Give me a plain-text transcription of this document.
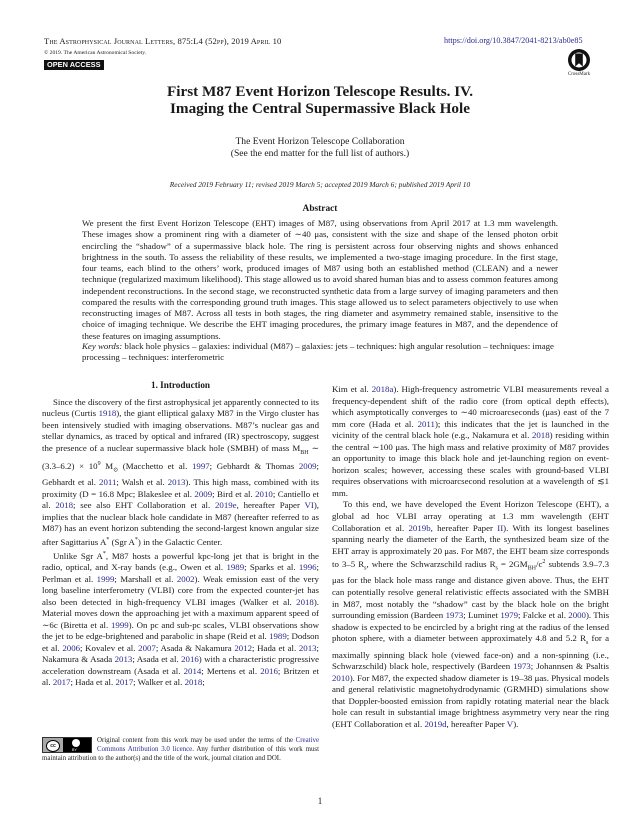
The Astrophysical Journal Letters, 875:L4 (52pp), 2019 April 10
© 2019. The American Astronomical Society.
OPEN ACCESS
https://doi.org/10.3847/2041-8213/ab0e85
CrossMark
First M87 Event Horizon Telescope Results. IV.
Imaging the Central Supermassive Black Hole
The Event Horizon Telescope Collaboration
(See the end matter for the full list of authors.)
Received 2019 February 11; revised 2019 March 5; accepted 2019 March 6; published 2019 April 10
Abstract

We present the first Event Horizon Telescope (EHT) images of M87, using observations from April 2017 at 1.3 mm wavelength. These images show a prominent ring with a diameter of ∼40 μas, consistent with the size and shape of the lensed photon orbit encircling the “shadow” of a supermassive black hole. The ring is persistent across four observing nights and shows enhanced brightness in the south. To assess the reliability of these results, we implemented a two-stage imaging procedure. In the first stage, four teams, each blind to the others’ work, produced images of M87 using both an established method (CLEAN) and a newer technique (regularized maximum likelihood). This stage allowed us to avoid shared human bias and to assess common features among independent reconstructions. In the second stage, we reconstructed synthetic data from a large survey of imaging parameters and then compared the results with the corresponding ground truth images. This stage allowed us to select parameters objectively to use when reconstructing images of M87. Across all tests in both stages, the ring diameter and asymmetry remained stable, insensitive to the choice of imaging technique. We describe the EHT imaging procedures, the primary image features in M87, and the dependence of these features on imaging assumptions.

Key words: black hole physics – galaxies: individual (M87) – galaxies: jets – techniques: high angular resolution – techniques: image processing – techniques: interferometric

1. Introduction

Since the discovery of the first astrophysical jet apparently connected to its nucleus (Curtis 1918), the giant elliptical galaxy M87 in the Virgo cluster has been intensively studied with imaging observations. M87’s nuclear gas and stellar dynamics, as traced by optical and infrared (IR) spectroscopy, suggest the presence of a nuclear supermassive black hole (SMBH) of mass $M_{BH}$ ∼ $(3.3-6.2) \times 10^9$ $M_⊙$ (Macchetto et al. 1997; Gebhardt & Thomas 2009; Gebhardt et al. 2011; Walsh et al. 2013). This high mass, combined with its proximity (D = 16.8 Mpc; Blakeslee et al. 2009; Bird et al. 2010; Cantiello et al. 2018; see also EHT Collaboration et al. 2019e, hereafter Paper VI), implies that the nuclear black hole candidate in M87 (hereafter referred to as M87) has an event horizon subtending the second-largest known angular size after Sagittarius A* (Sgr A*) in the Galactic Center.

Unlike Sgr A*, M87 hosts a powerful kpc-long jet that is bright in the radio, optical, and X-ray bands (e.g., Owen et al. 1989; Sparks et al. 1996; Perlman et al. 1999; Marshall et al. 2002). Weak emission east of the very long baseline interferometry (VLBI) core from the expected counter-jet has also been detected in high-frequency VLBI images (Walker et al. 2018). Material moves down the approaching jet with a maximum apparent speed of ∼6c (Biretta et al. 1999). On pc and sub-pc scales, VLBI observations show the jet to be edge-brightened and parabolic in shape (Reid et al. 1989; Dodson et al. 2006; Kovalev et al. 2007; Asada & Nakamura 2012; Hada et al. 2013; Nakamura & Asada 2013; Asada et al. 2016) with a characteristic progressive acceleration downstream (Asada et al. 2014; Mertens et al. 2016; Britzen et al. 2017; Hada et al. 2017; Walker et al. 2018;

Kim et al. 2018a). High-frequency astrometric VLBI measurements reveal a frequency-dependent shift of the radio core (from optical depth effects), which asymptotically converges to ∼40 microarcseconds (μas) east of the 7 mm core (Hada et al. 2011); this indicates that the jet is launched in the vicinity of the central black hole (e.g., Nakamura et al. 2018) residing within the central ∼100 μas. The high mass and relative proximity of M87 provides an opportunity to image this black hole and jet-launching region on event-horizon scales; however, accessing these scales with ground-based VLBI requires observations with microarcsecond resolution at a wavelength of ≲1 mm.

To this end, we have developed the Event Horizon Telescope (EHT), a global ad hoc VLBI array operating at 1.3 mm wavelength (EHT Collaboration et al. 2019b, hereafter Paper II). With its longest baselines spanning nearly the diameter of the Earth, the synthesized beam size of the EHT array is approximately 20 μas. For M87, the EHT beam size corresponds to 3–5 $R_s$, where the Schwarzschild radius $R_s = 2GM_{BH}/c^2$ subtends 3.9–7.3 μas for the black hole mass range and distance given above. Thus, the EHT can potentially resolve general relativistic effects associated with the SMBH in M87, most notably the “shadow” cast by the black hole on the bright surrounding emission (Bardeen 1973; Luminet 1979; Falcke et al. 2000). This shadow is expected to be encircled by a bright ring at the radius of the lensed photon sphere, with a diameter between approximately 4.8 and 5.2 $R_s$ for a maximally spinning black hole (viewed face-on) and a non-spinning (i.e., Schwarzschild) black hole, respectively (Bardeen 1973; Johannsen & Psaltis 2010). For M87, the expected shadow diameter is 19–38 μas. Physical models and general relativistic magnetohydrodynamic (GRMHD) simulations show that Doppler-boosted emission from rapidly rotating material near the black hole can result in substantial image brightness asymmetry very near the ring (EHT Collaboration et al. 2019d, hereafter Paper V).

cc
BY
Original content from this work may be used under the terms of the Creative Commons Attribution 3.0 licence. Any further distribution of this work must maintain attribution to the author(s) and the title of the work, journal citation and DOI.
1
